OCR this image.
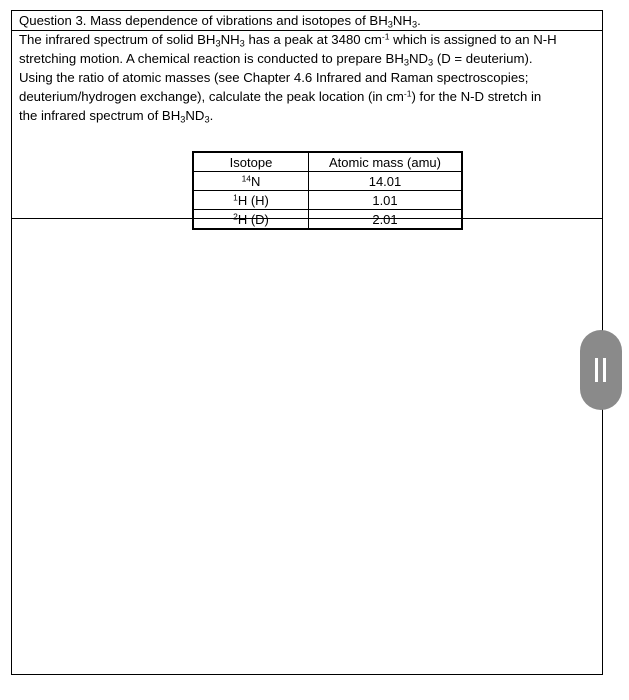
Question 3. Mass dependence of vibrations and isotopes of $BH_3NH_3$.

The infrared spectrum of solid $BH_3NH_3$ has a peak at 3480 $cm^{-1}$ which is assigned to an N-H

stretching motion. A chemical reaction is conducted to prepare $BH_3ND_3$ (D = deuterium).

Using the ratio of atomic masses (see Chapter 4.6 Infrared and Raman spectroscopies;

deuterium/hydrogen exchange), calculate the peak location (in $cm^{-1}$) for the N-D stretch in

the infrared spectrum of $BH_3ND_3$.

Isotope	Atomic mass (amu)
$^{14}$N	14.01
$^1$H (H)	1.01
$^2$H (D)	2.01
